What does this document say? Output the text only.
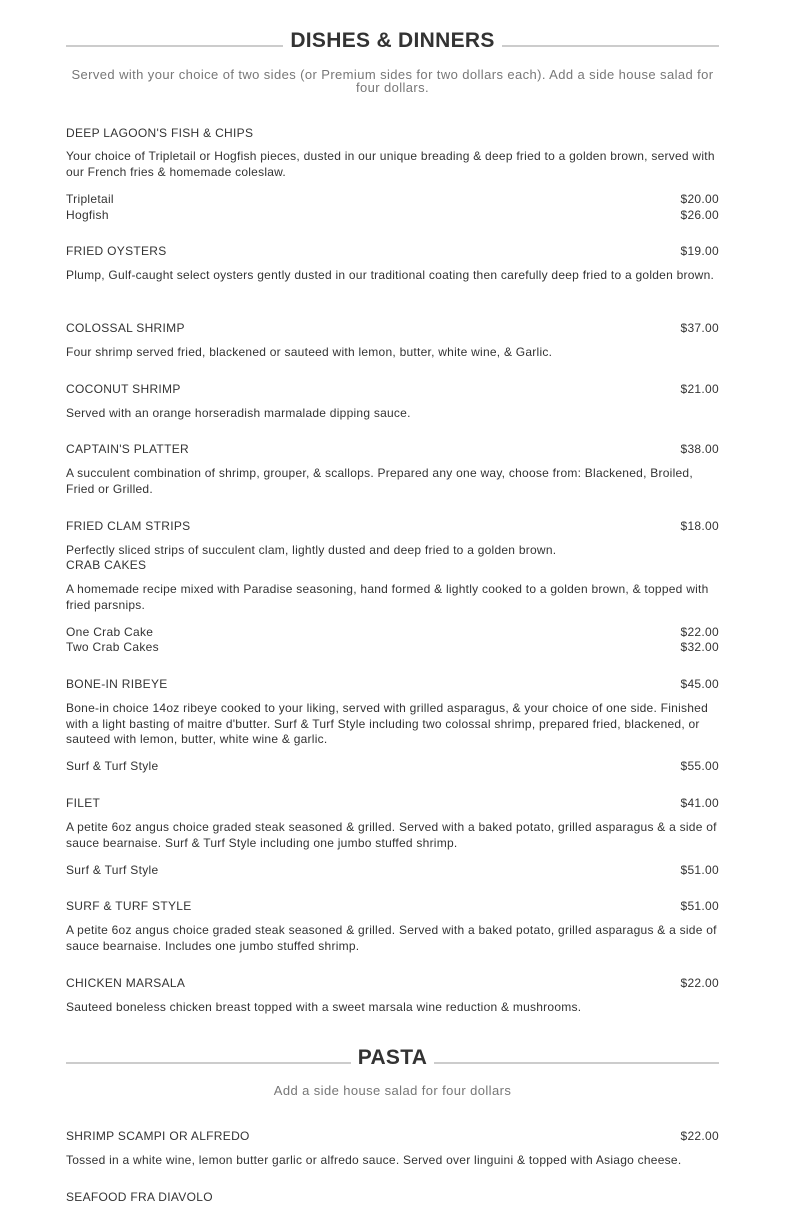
DISHES & DINNERS
Served with your choice of two sides (or Premium sides for two dollars each). Add a side house salad for four dollars.
DEEP LAGOON'S FISH & CHIPS
Your choice of Tripletail or Hogfish pieces, dusted in our unique breading & deep fried to a golden brown, served with our French fries & homemade coleslaw.
Tripletail	$20.00
Hogfish	$26.00
FRIED OYSTERS	$19.00
Plump, Gulf-caught select oysters gently dusted in our traditional coating then carefully deep fried to a golden brown.
COLOSSAL SHRIMP	$37.00
Four shrimp served fried, blackened or sauteed with lemon, butter, white wine, & Garlic.
COCONUT SHRIMP	$21.00
Served with an orange horseradish marmalade dipping sauce.
CAPTAIN'S PLATTER	$38.00
A succulent combination of shrimp, grouper, & scallops. Prepared any one way, choose from: Blackened, Broiled, Fried or Grilled.
FRIED CLAM STRIPS	$18.00
Perfectly sliced strips of succulent clam, lightly dusted and deep fried to a golden brown.
CRAB CAKES
A homemade recipe mixed with Paradise seasoning, hand formed & lightly cooked to a golden brown, & topped with fried parsnips.
One Crab Cake	$22.00
Two Crab Cakes	$32.00
BONE-IN RIBEYE	$45.00
Bone-in choice 14oz ribeye cooked to your liking, served with grilled asparagus, & your choice of one side. Finished with a light basting of maitre d'butter. Surf & Turf Style including two colossal shrimp, prepared fried, blackened, or sauteed with lemon, butter, white wine & garlic.
Surf & Turf Style	$55.00
FILET	$41.00
A petite 6oz angus choice graded steak seasoned & grilled. Served with a baked potato, grilled asparagus & a side of sauce bearnaise. Surf & Turf Style including one jumbo stuffed shrimp.
Surf & Turf Style	$51.00
SURF & TURF STYLE	$51.00
A petite 6oz angus choice graded steak seasoned & grilled. Served with a baked potato, grilled asparagus & a side of sauce bearnaise. Includes one jumbo stuffed shrimp.
CHICKEN MARSALA	$22.00
Sauteed boneless chicken breast topped with a sweet marsala wine reduction & mushrooms.
PASTA
Add a side house salad for four dollars
SHRIMP SCAMPI OR ALFREDO	$22.00
Tossed in a white wine, lemon butter garlic or alfredo sauce. Served over linguini & topped with Asiago cheese.
SEAFOOD FRA DIAVOLO
